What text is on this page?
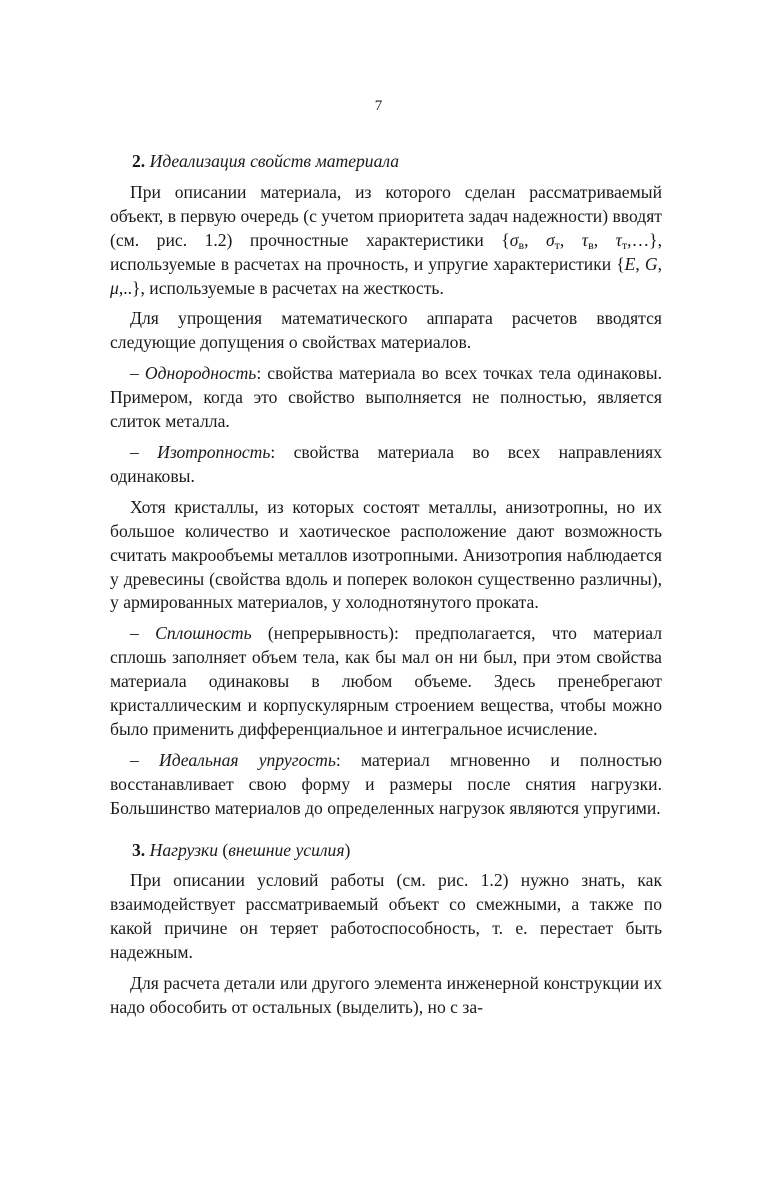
7

2. Идеализация свойств материала

При описании материала, из которого сделан рассматриваемый объект, в первую очередь (с учетом приоритета задач надежности) вводят (см. рис. 1.2) прочностные характеристики {$\sigma_в$, $\sigma_т$, $\tau_в$, $\tau_т,\dots$}, используемые в расчетах на прочность, и упругие характеристики {E, G, μ,..}, используемые в расчетах на жесткость.

Для упрощения математического аппарата расчетов вводятся следующие допущения о свойствах материалов.

– Однородность: свойства материала во всех точках тела одинаковы. Примером, когда это свойство выполняется не полностью, является слиток металла.

– Изотропность: свойства материала во всех направлениях одинаковы.

Хотя кристаллы, из которых состоят металлы, анизотропны, но их большое количество и хаотическое расположение дают возможность считать макрообъемы металлов изотропными. Анизотропия наблюдается у древесины (свойства вдоль и поперек волокон существенно различны), у армированных материалов, у холоднотянутого проката.

– Сплошность (непрерывность): предполагается, что материал сплошь заполняет объем тела, как бы мал он ни был, при этом свойства материала одинаковы в любом объеме. Здесь пренебрегают кристаллическим и корпускулярным строением вещества, чтобы можно было применить дифференциальное и интегральное исчисление.

– Идеальная упругость: материал мгновенно и полностью восстанавливает свою форму и размеры после снятия нагрузки. Большинство материалов до определенных нагрузок являются упругими.

3. Нагрузки (внешние усилия)

При описании условий работы (см. рис. 1.2) нужно знать, как взаимодействует рассматриваемый объект со смежными, а также по какой причине он теряет работоспособность, т. е. перестает быть надежным.

Для расчета детали или другого элемента инженерной конструкции их надо обособить от остальных (выделить), но с за-
